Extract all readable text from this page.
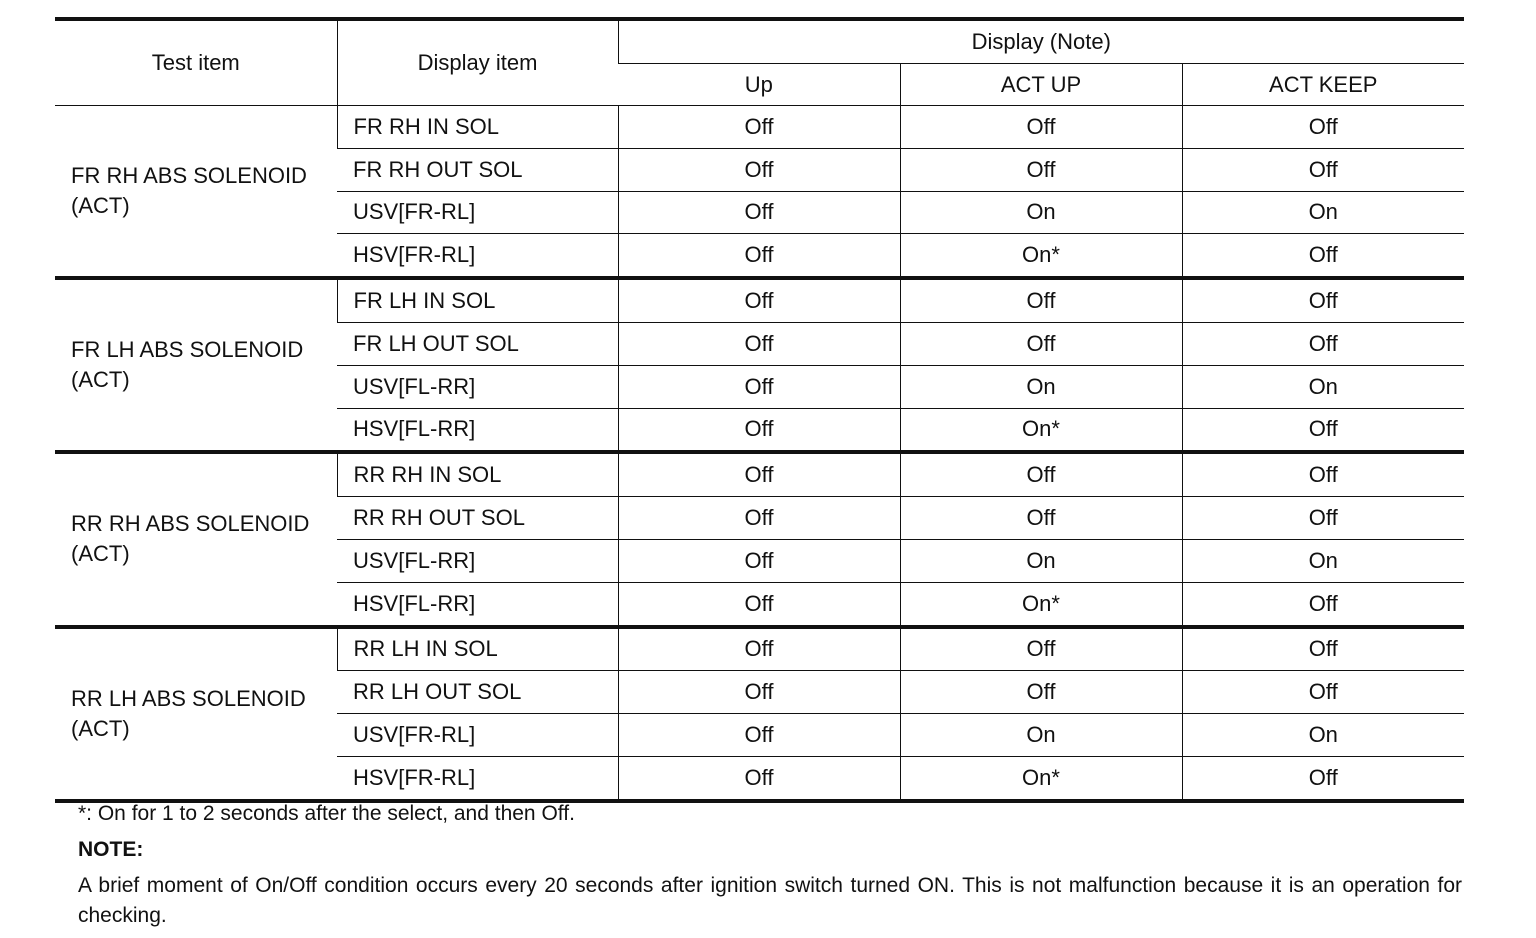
Test item	Display item	Display (Note)		
		Up	ACT UP	ACT KEEP

FR RH ABS SOLENOID
(ACT)	FR RH IN SOL	Off	Off	Off
	FR RH OUT SOL	Off	Off	Off
	USV[FR-RL]	Off	On	On
	HSV[FR-RL]	Off	On*	Off

FR LH ABS SOLENOID
(ACT)	FR LH IN SOL	Off	Off	Off
	FR LH OUT SOL	Off	Off	Off
	USV[FL-RR]	Off	On	On
	HSV[FL-RR]	Off	On*	Off

RR RH ABS SOLENOID
(ACT)	RR RH IN SOL	Off	Off	Off
	RR RH OUT SOL	Off	Off	Off
	USV[FL-RR]	Off	On	On
	HSV[FL-RR]	Off	On*	Off

RR LH ABS SOLENOID
(ACT)	RR LH IN SOL	Off	Off	Off
	RR LH OUT SOL	Off	Off	Off
	USV[FR-RL]	Off	On	On
	HSV[FR-RL]	Off	On*	Off

*: On for 1 to 2 seconds after the select, and then Off.

NOTE:

A brief moment of On/Off condition occurs every 20 seconds after ignition switch turned ON. This is not malfunction because it is an operation for checking.
